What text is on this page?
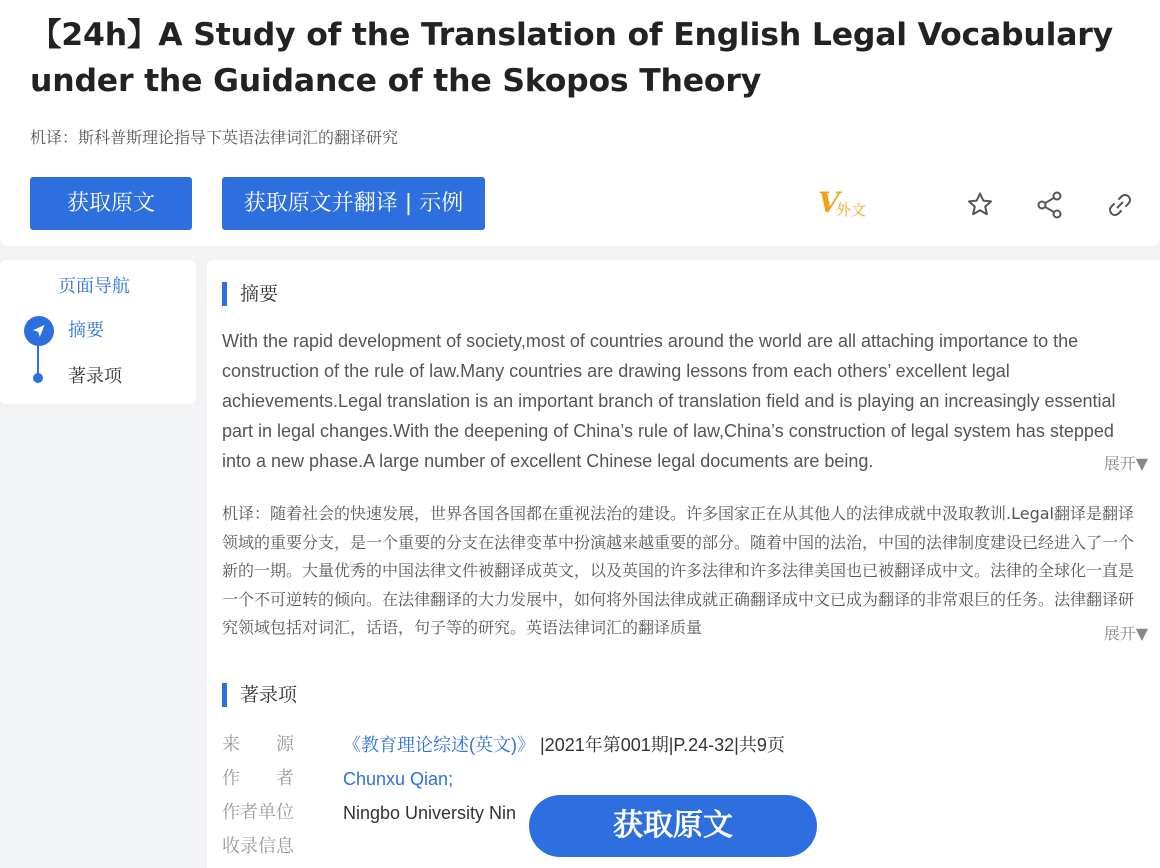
【24h】A Study of the Translation of English Legal Vocabulary under the Guidance of the Skopos Theory
机译：斯科普斯理论指导下英语法律词汇的翻译研究
获取原文	获取原文并翻译 | 示例	V
外文
页面导航
摘要
著录项
摘要
With the rapid development of society,most of countries around the world are all attaching importance to the construction of the rule of law.Many countries are drawing lessons from each others’ excellent legal achievements.Legal translation is an important branch of translation field and is playing an increasingly essential part in legal changes.With the deepening of China’s rule of law,China’s construction of legal system has stepped into a new phase.A large number of excellent Chinese legal documents are being.	展开▼
机译：随着社会的快速发展，世界各国各国都在重视法治的建设。许多国家正在从其他人的法律成就中汲取教训.Legal翻译是翻译领域的重要分支，是一个重要的分支在法律变革中扮演越来越重要的部分。随着中国的法治，中国的法律制度建设已经进入了一个新的一期。大量优秀的中国法律文件被翻译成英文，以及英国的许多法律和许多法律美国也已被翻译成中文。法律的全球化一直是一个不可逆转的倾向。在法律翻译的大力发展中，如何将外国法律成就正确翻译成中文已成为翻译的非常艰巨的任务。法律翻译研究领域包括对词汇，话语，句子等的研究。英语法律词汇的翻译质量	展开▼
著录项
来　　源	《教育理论综述(英文)》 |2021年第001期|P.24-32|共9页
作　　者	Chunxu Qian;
作者单位	Ningbo University Nin
收录信息
获取原文
